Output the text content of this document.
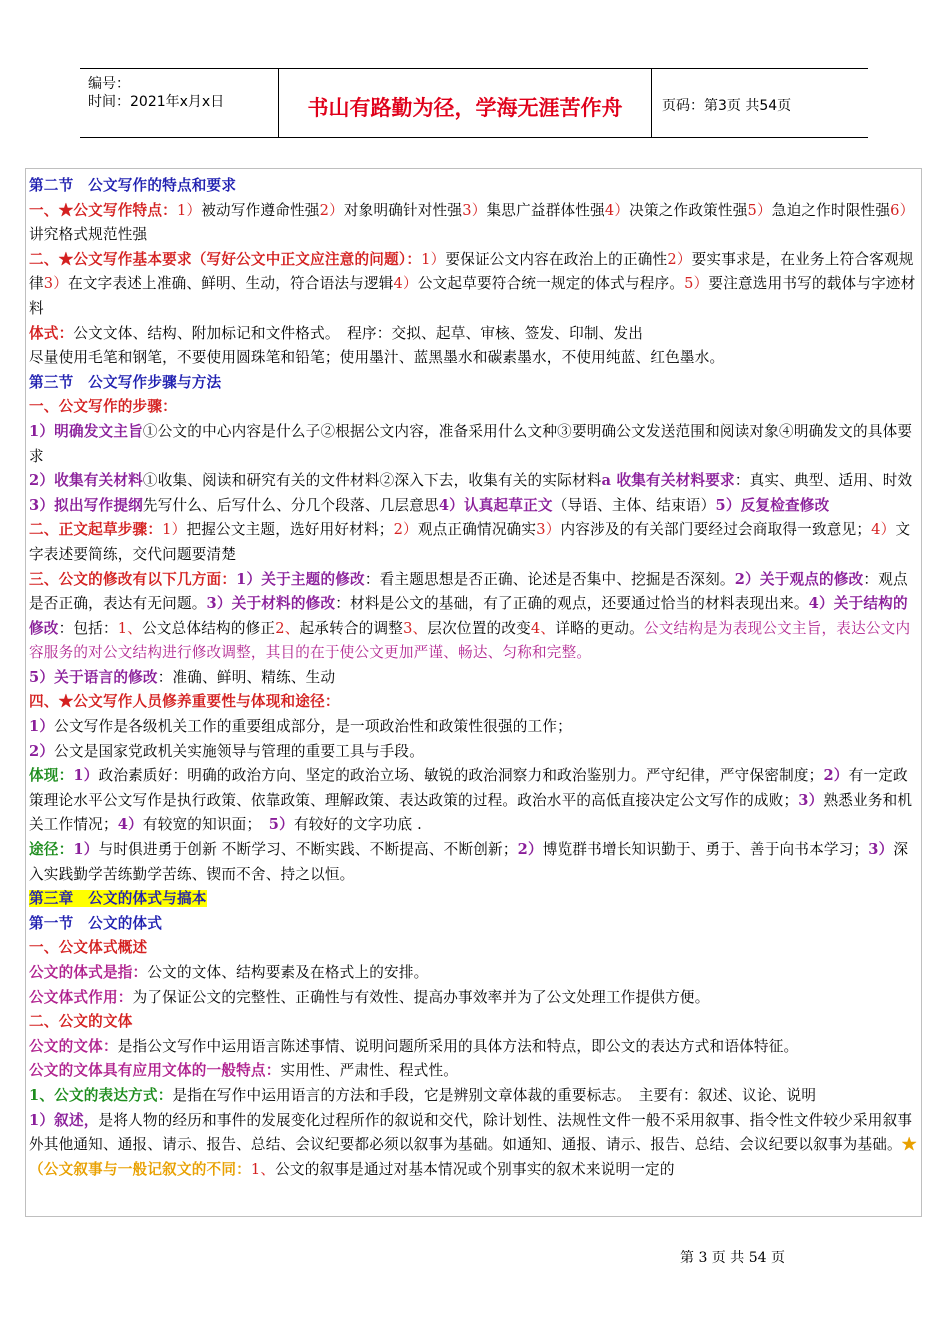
编号：
时间：2021年x月x日	书山有路勤为径，学海无涯苦作舟	页码：第3页 共54页

第二节　公文写作的特点和要求

一、★公文写作特点：1）被动写作遵命性强2）对象明确针对性强3）集思广益群体性强4）决策之作政策性强5）急迫之作时限性强6）讲究格式规范性强

二、★公文写作基本要求（写好公文中正文应注意的问题）：1）要保证公文内容在政治上的正确性2）要实事求是，在业务上符合客观规律3）在文字表述上准确、鲜明、生动，符合语法与逻辑4）公文起草要符合统一规定的体式与程序。5）要注意选用书写的载体与字迹材料

体式：公文文体、结构、附加标记和文件格式。　程序：交拟、起草、审核、签发、印制、发出

尽量使用毛笔和钢笔，不要使用圆珠笔和铅笔；使用墨汁、蓝黑墨水和碳素墨水，不使用纯蓝、红色墨水。

第三节　公文写作步骤与方法

一、公文写作的步骤：

1）明确发文主旨①公文的中心内容是什么子②根据公文内容，准备采用什么文种③要明确公文发送范围和阅读对象④明确发文的具体要求

2）收集有关材料①收集、阅读和研究有关的文件材料②深入下去，收集有关的实际材料a 收集有关材料要求：真实、典型、适用、时效

3）拟出写作提纲先写什么、后写什么、分几个段落、几层意思4）认真起草正文（导语、主体、结束语）5）反复检查修改

二、正文起草步骤：1）把握公文主题，选好用好材料；2）观点正确情况确实3）内容涉及的有关部门要经过会商取得一致意见；4）文字表述要简练，交代问题要清楚

三、公文的修改有以下几方面：1）关于主题的修改：看主题思想是否正确、论述是否集中、挖掘是否深刻。2）关于观点的修改：观点是否正确，表达有无问题。3）关于材料的修改：材料是公文的基础，有了正确的观点，还要通过恰当的材料表现出来。4）关于结构的修改：包括：1、公文总体结构的修正2、起承转合的调整3、层次位置的改变4、详略的更动。公文结构是为表现公文主旨，表达公文内容服务的对公文结构进行修改调整，其目的在于使公文更加严谨、畅达、匀称和完整。

5）关于语言的修改：准确、鲜明、精练、生动

四、★公文写作人员修养重要性与体现和途径：

1）公文写作是各级机关工作的重要组成部分，是一项政治性和政策性很强的工作；

2）公文是国家党政机关实施领导与管理的重要工具与手段。

体现：1）政治素质好：明确的政治方向、坚定的政治立场、敏锐的政治洞察力和政治鉴别力。严守纪律，严守保密制度；2）有一定政策理论水平公文写作是执行政策、依靠政策、理解政策、表达政策的过程。政治水平的高低直接决定公文写作的成败；3）熟悉业务和机关工作情况；4）有较宽的知识面；　5）有较好的文字功底 .

途径：1）与时俱进勇于创新 不断学习、不断实践、不断提高、不断创新；2）博览群书增长知识勤于、勇于、善于向书本学习；3）深入实践勤学苦练勤学苦练、锲而不舍、持之以恒。

第三章　公文的体式与搞本

第一节　公文的体式

一、公文体式概述

公文的体式是指：公文的文体、结构要素及在格式上的安排。

公文体式作用：为了保证公文的完整性、正确性与有效性、提高办事效率并为了公文处理工作提供方便。

二、公文的文体

公文的文体：是指公文写作中运用语言陈述事情、说明问题所采用的具体方法和特点，即公文的表达方式和语体特征。

公文的文体具有应用文体的一般特点：实用性、严肃性、程式性。

1、公文的表达方式：是指在写作中运用语言的方法和手段，它是辨别文章体裁的重要标志。　主要有：叙述、议论、说明

1）叙述，是将人物的经历和事件的发展变化过程所作的叙说和交代，除计划性、法规性文件一般不采用叙事、指令性文件较少采用叙事外其他通知、通报、请示、报告、总结、会议纪要都必须以叙事为基础。如通知、通报、请示、报告、总结、会议纪要以叙事为基础。★（公文叙事与一般记叙文的不同：1、公文的叙事是通过对基本情况或个别事实的叙术来说明一定的

第 3 页 共 54 页
